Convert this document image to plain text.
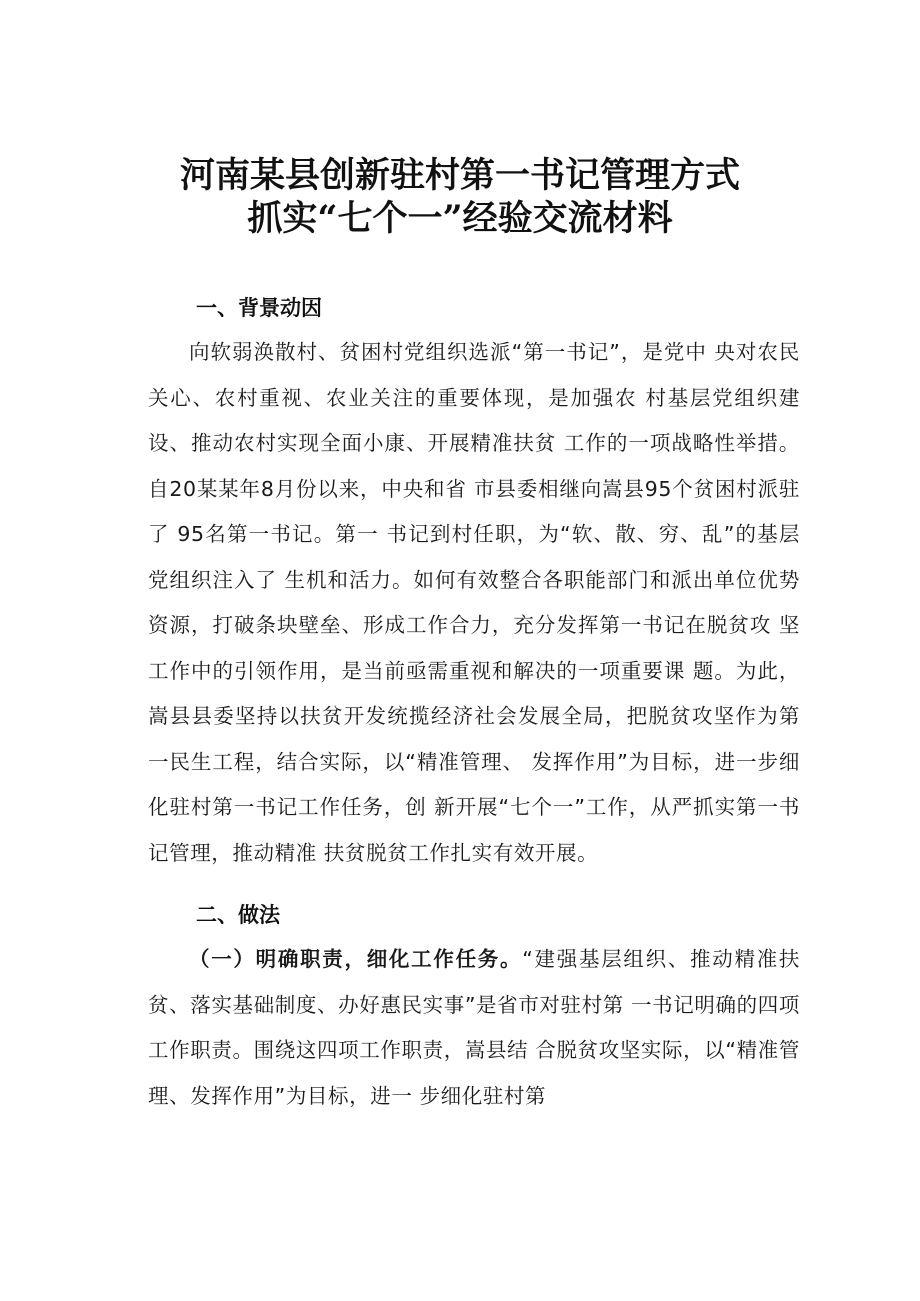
河南某县创新驻村第一书记管理方式
抓实“七个一”经验交流材料
一、背景动因

向软弱涣散村、贫困村党组织选派“第一书记”，是党中 央对农民关心、农村重视、农业关注的重要体现，是加强农 村基层党组织建设、推动农村实现全面小康、开展精准扶贫 工作的一项战略性举措。自20某某年8月份以来，中央和省 市县委相继向嵩县95个贫困村派驻了 95名第一书记。第一 书记到村任职，为“软、散、穷、乱”的基层党组织注入了 生机和活力。如何有效整合各职能部门和派出单位优势资源，打破条块壁垒、形成工作合力，充分发挥第一书记在脱贫攻 坚工作中的引领作用，是当前亟需重视和解决的一项重要课 题。为此，嵩县县委坚持以扶贫开发统揽经济社会发展全局，把脱贫攻坚作为第一民生工程，结合实际，以“精准管理、 发挥作用”为目标，进一步细化驻村第一书记工作任务，创 新开展“七个一”工作，从严抓实第一书记管理，推动精准 扶贫脱贫工作扎实有效开展。

二、做法

（一）明确职责，细化工作任务。“建强基层组织、推动精准扶贫、落实基础制度、办好惠民实事”是省市对驻村第 一书记明确的四项工作职责。围绕这四项工作职责，嵩县结 合脱贫攻坚实际，以“精准管理、发挥作用”为目标，进一 步细化驻村第
